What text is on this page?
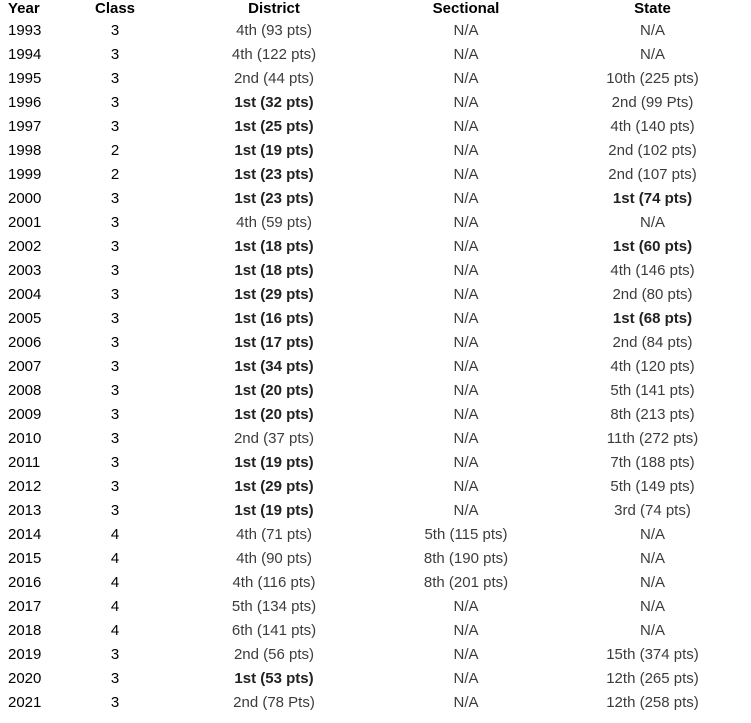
Year	Class	District	Sectional	State
1993	3	4th (93 pts)	N/A	N/A
1994	3	4th (122 pts)	N/A	N/A
1995	3	2nd (44 pts)	N/A	10th (225 pts)
1996	3	1st (32 pts)	N/A	2nd (99 Pts)
1997	3	1st (25 pts)	N/A	4th (140 pts)
1998	2	1st (19 pts)	N/A	2nd (102 pts)
1999	2	1st (23 pts)	N/A	2nd (107 pts)
2000	3	1st (23 pts)	N/A	1st (74 pts)
2001	3	4th (59 pts)	N/A	N/A
2002	3	1st (18 pts)	N/A	1st (60 pts)
2003	3	1st (18 pts)	N/A	4th (146 pts)
2004	3	1st (29 pts)	N/A	2nd (80 pts)
2005	3	1st (16 pts)	N/A	1st (68 pts)
2006	3	1st (17 pts)	N/A	2nd (84 pts)
2007	3	1st (34 pts)	N/A	4th (120 pts)
2008	3	1st (20 pts)	N/A	5th (141 pts)
2009	3	1st (20 pts)	N/A	8th (213 pts)
2010	3	2nd (37 pts)	N/A	11th (272 pts)
2011	3	1st (19 pts)	N/A	7th (188 pts)
2012	3	1st (29 pts)	N/A	5th (149 pts)
2013	3	1st (19 pts)	N/A	3rd (74 pts)
2014	4	4th (71 pts)	5th (115 pts)	N/A
2015	4	4th (90 pts)	8th (190 pts)	N/A
2016	4	4th (116 pts)	8th (201 pts)	N/A
2017	4	5th (134 pts)	N/A	N/A
2018	4	6th (141 pts)	N/A	N/A
2019	3	2nd (56 pts)	N/A	15th (374 pts)
2020	3	1st (53 pts)	N/A	12th (265 pts)
2021	3	2nd (78 Pts)	N/A	12th (258 pts)
